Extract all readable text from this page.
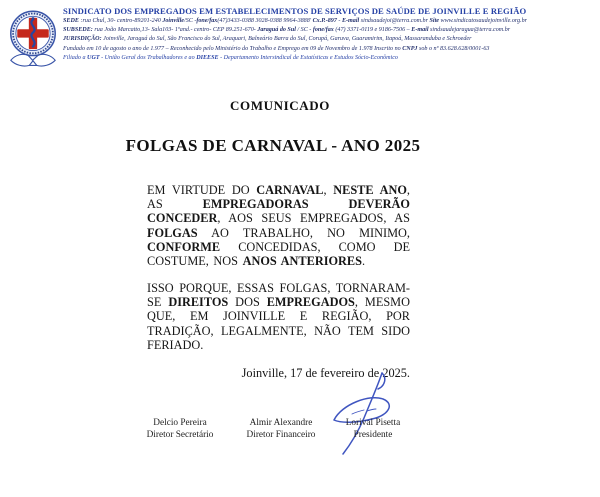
SINDICATO DOS EMPREGADOS EM ESTABELECIMENTOS DE SERVIÇOS DE SAÚDE DE JOINVILLE E REGIÃO
SEDE :rua Chul, 30- centro-89201-240 Joinville/SC -fone/fax(47)3433-0388 3028-0388 9964-3888' Cx.P.-897 - E-mail sindsaudejoi@terra.com.br Site www.sindicatosaudejoinville.org.br
SUBSEDE: rua João Marcatto,13- Sala103- 1ºand.- centro- CEP 89.251-670- Jaraguá do Sul / SC - fone/fax (47) 3371-0119 e 9186-7506 – E-mail sindsaudejaragua@terra.com.br
JURISDIÇÃO: Joinville, Jaraguá do Sul, São Francisco do Sul, Araquari, Balneário Barra do Sul, Corupá, Garuva, Guaramirim, Itapoá, Massaranduba e Schroeder
Fundado em 10 de agosto o ano de 1.977 – Reconhecido pelo Ministério do Trabalho e Emprego em 09 de Novembro de 1.978 Inscrito no CNPJ sob o nº 83.628.628/0001-63
Filiado a UGT - União Geral dos Trabalhadores e ao DIEESE - Departamento Intersindical de Estatísticas e Estudos Sócio-Econômico
COMUNICADO
FOLGAS DE CARNAVAL - ANO 2025

EM VIRTUDE DO CARNAVAL, NESTE ANO, AS EMPREGADORAS	DEVERÃO CONCEDER, AOS SEUS EMPREGADOS, AS FOLGAS AO TRABALHO, NO MINIMO, CONFORME CONCEDIDAS, COMO DE COSTUME, NOS ANOS ANTERIORES.

ISSO PORQUE, ESSAS FOLGAS, TORNARAM-SE DIREITOS DOS EMPREGADOS, MESMO QUE, EM JOINVILLE E REGIÃO, POR TRADIÇÃO, LEGALMENTE, NÃO TEM SIDO FERIADO.

Joinville, 17 de fevereiro de 2025.
Delcio Pereira
Diretor Secretário
Almir Alexandre
Diretor Financeiro
Lorival Pisetta
Presidente
